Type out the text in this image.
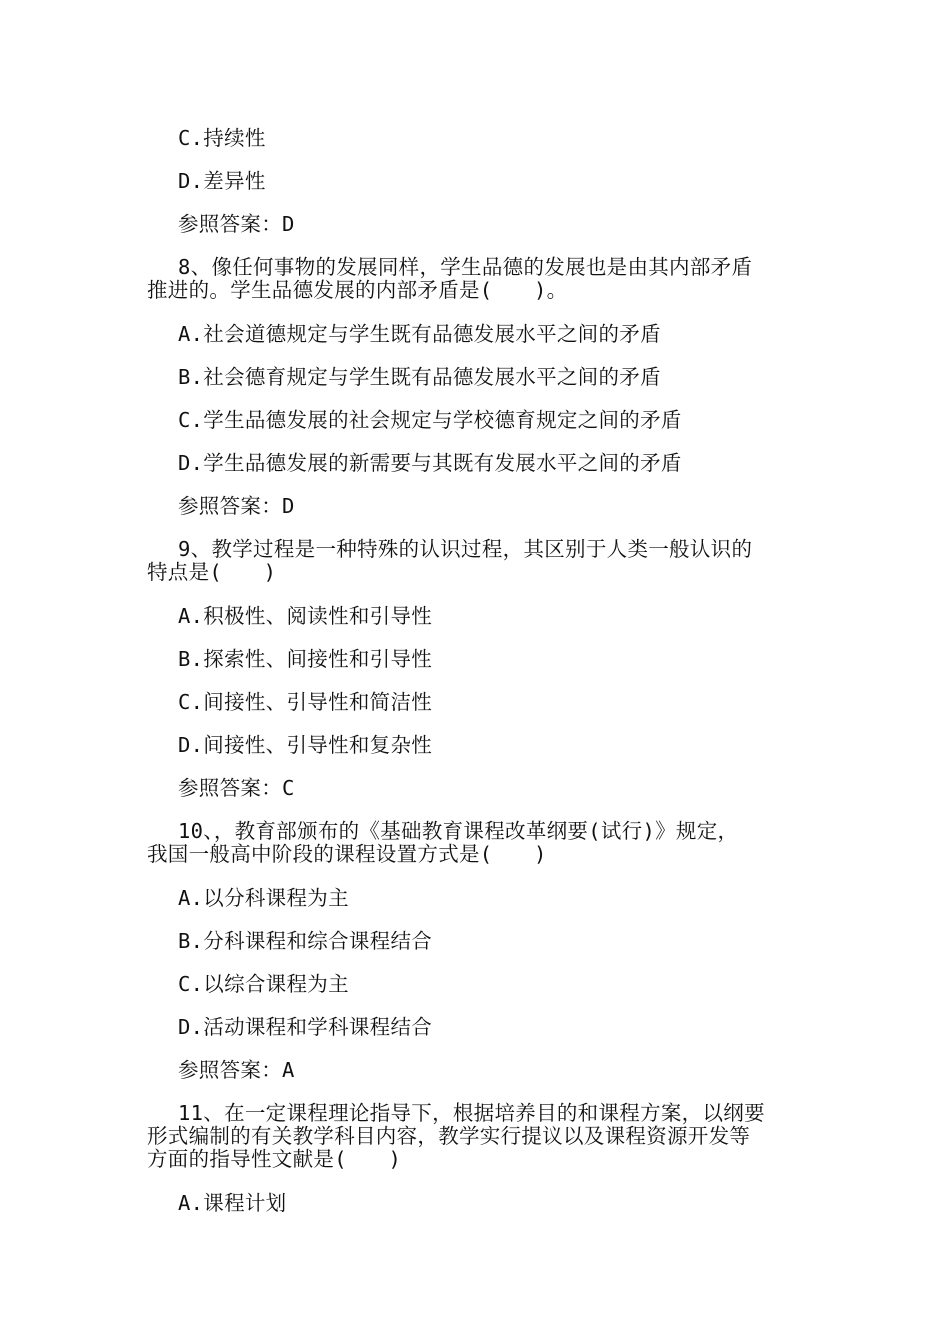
C.持续性
D.差异性
参照答案：D
8、像任何事物的发展同样，学生品德的发展也是由其内部矛盾
推进的。学生品德发展的内部矛盾是(　　)。
A.社会道德规定与学生既有品德发展水平之间的矛盾
B.社会德育规定与学生既有品德发展水平之间的矛盾
C.学生品德发展的社会规定与学校德育规定之间的矛盾
D.学生品德发展的新需要与其既有发展水平之间的矛盾
参照答案：D
9、教学过程是一种特殊的认识过程，其区别于人类一般认识的
特点是(　　)
A.积极性、阅读性和引导性
B.探索性、间接性和引导性
C.间接性、引导性和简洁性
D.间接性、引导性和复杂性
参照答案：C
10、，教育部颁布的《基础教育课程改革纲要(试行)》规定，
我国一般高中阶段的课程设置方式是(　　)
A.以分科课程为主
B.分科课程和综合课程结合
C.以综合课程为主
D.活动课程和学科课程结合
参照答案：A
11、在一定课程理论指导下，根据培养目的和课程方案，以纲要
形式编制的有关教学科目内容，教学实行提议以及课程资源开发等
方面的指导性文献是(　　)
A.课程计划
